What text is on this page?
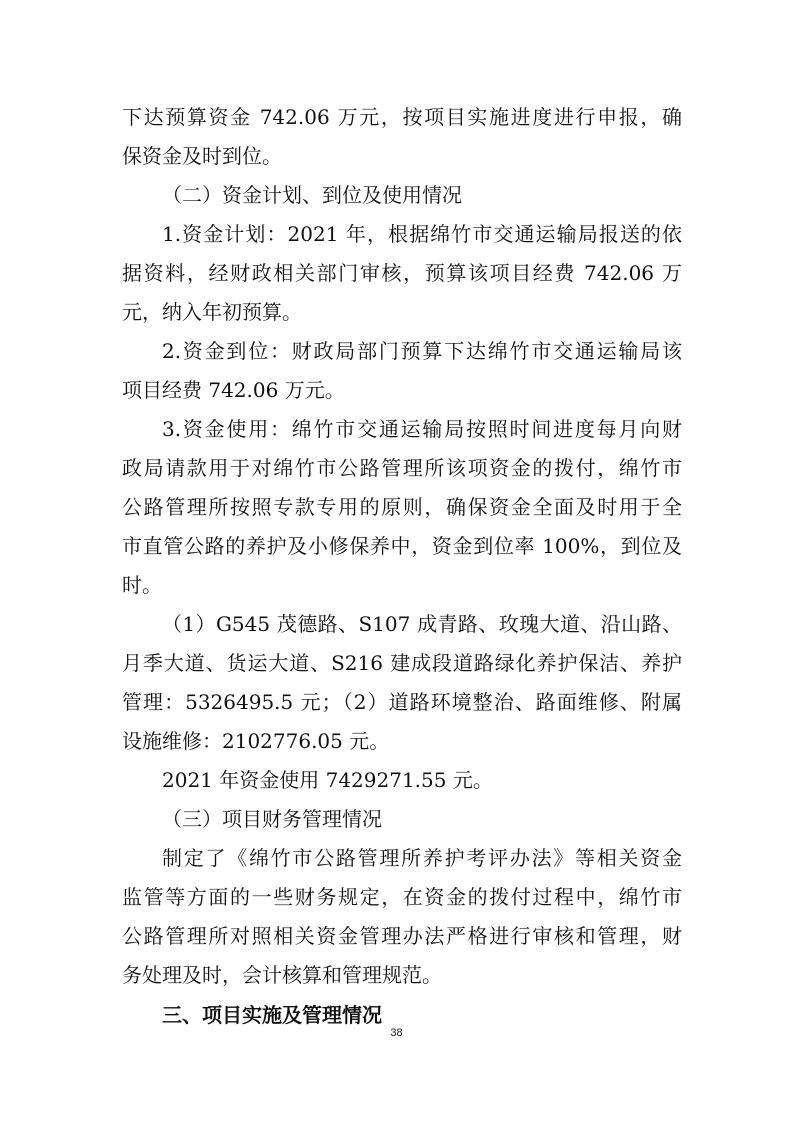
下达预算资金 742.06 万元，按项目实施进度进行申报，确
保资金及时到位。
（二）资金计划、到位及使用情况
1.资金计划：2021 年，根据绵竹市交通运输局报送的依
据资料，经财政相关部门审核，预算该项目经费 742.06 万
元，纳入年初预算。
2.资金到位：财政局部门预算下达绵竹市交通运输局该
项目经费 742.06 万元。
3.资金使用：绵竹市交通运输局按照时间进度每月向财
政局请款用于对绵竹市公路管理所该项资金的拨付，绵竹市
公路管理所按照专款专用的原则，确保资金全面及时用于全
市直管公路的养护及小修保养中，资金到位率 100%，到位及
时。
（1）G545 茂德路、S107 成青路、玫瑰大道、沿山路、
月季大道、货运大道、S216 建成段道路绿化养护保洁、养护
管理：5326495.5 元；（2）道路环境整治、路面维修、附属
设施维修：2102776.05 元。
2021 年资金使用 7429271.55 元。
（三）项目财务管理情况
制定了《绵竹市公路管理所养护考评办法》等相关资金
监管等方面的一些财务规定，在资金的拨付过程中，绵竹市
公路管理所对照相关资金管理办法严格进行审核和管理，财
务处理及时，会计核算和管理规范。
三、项目实施及管理情况
38
